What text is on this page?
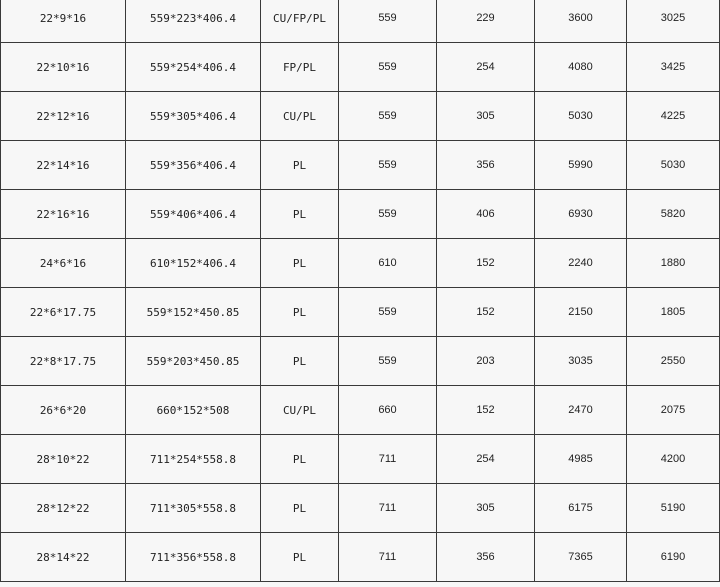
22*9*16	559*223*406.4	CU/FP/PL	559	229	3600	3025
22*10*16	559*254*406.4	FP/PL	559	254	4080	3425
22*12*16	559*305*406.4	CU/PL	559	305	5030	4225
22*14*16	559*356*406.4	PL	559	356	5990	5030
22*16*16	559*406*406.4	PL	559	406	6930	5820
24*6*16	610*152*406.4	PL	610	152	2240	1880
22*6*17.75	559*152*450.85	PL	559	152	2150	1805
22*8*17.75	559*203*450.85	PL	559	203	3035	2550
26*6*20	660*152*508	CU/PL	660	152	2470	2075
28*10*22	711*254*558.8	PL	711	254	4985	4200
28*12*22	711*305*558.8	PL	711	305	6175	5190
28*14*22	711*356*558.8	PL	711	356	7365	6190
